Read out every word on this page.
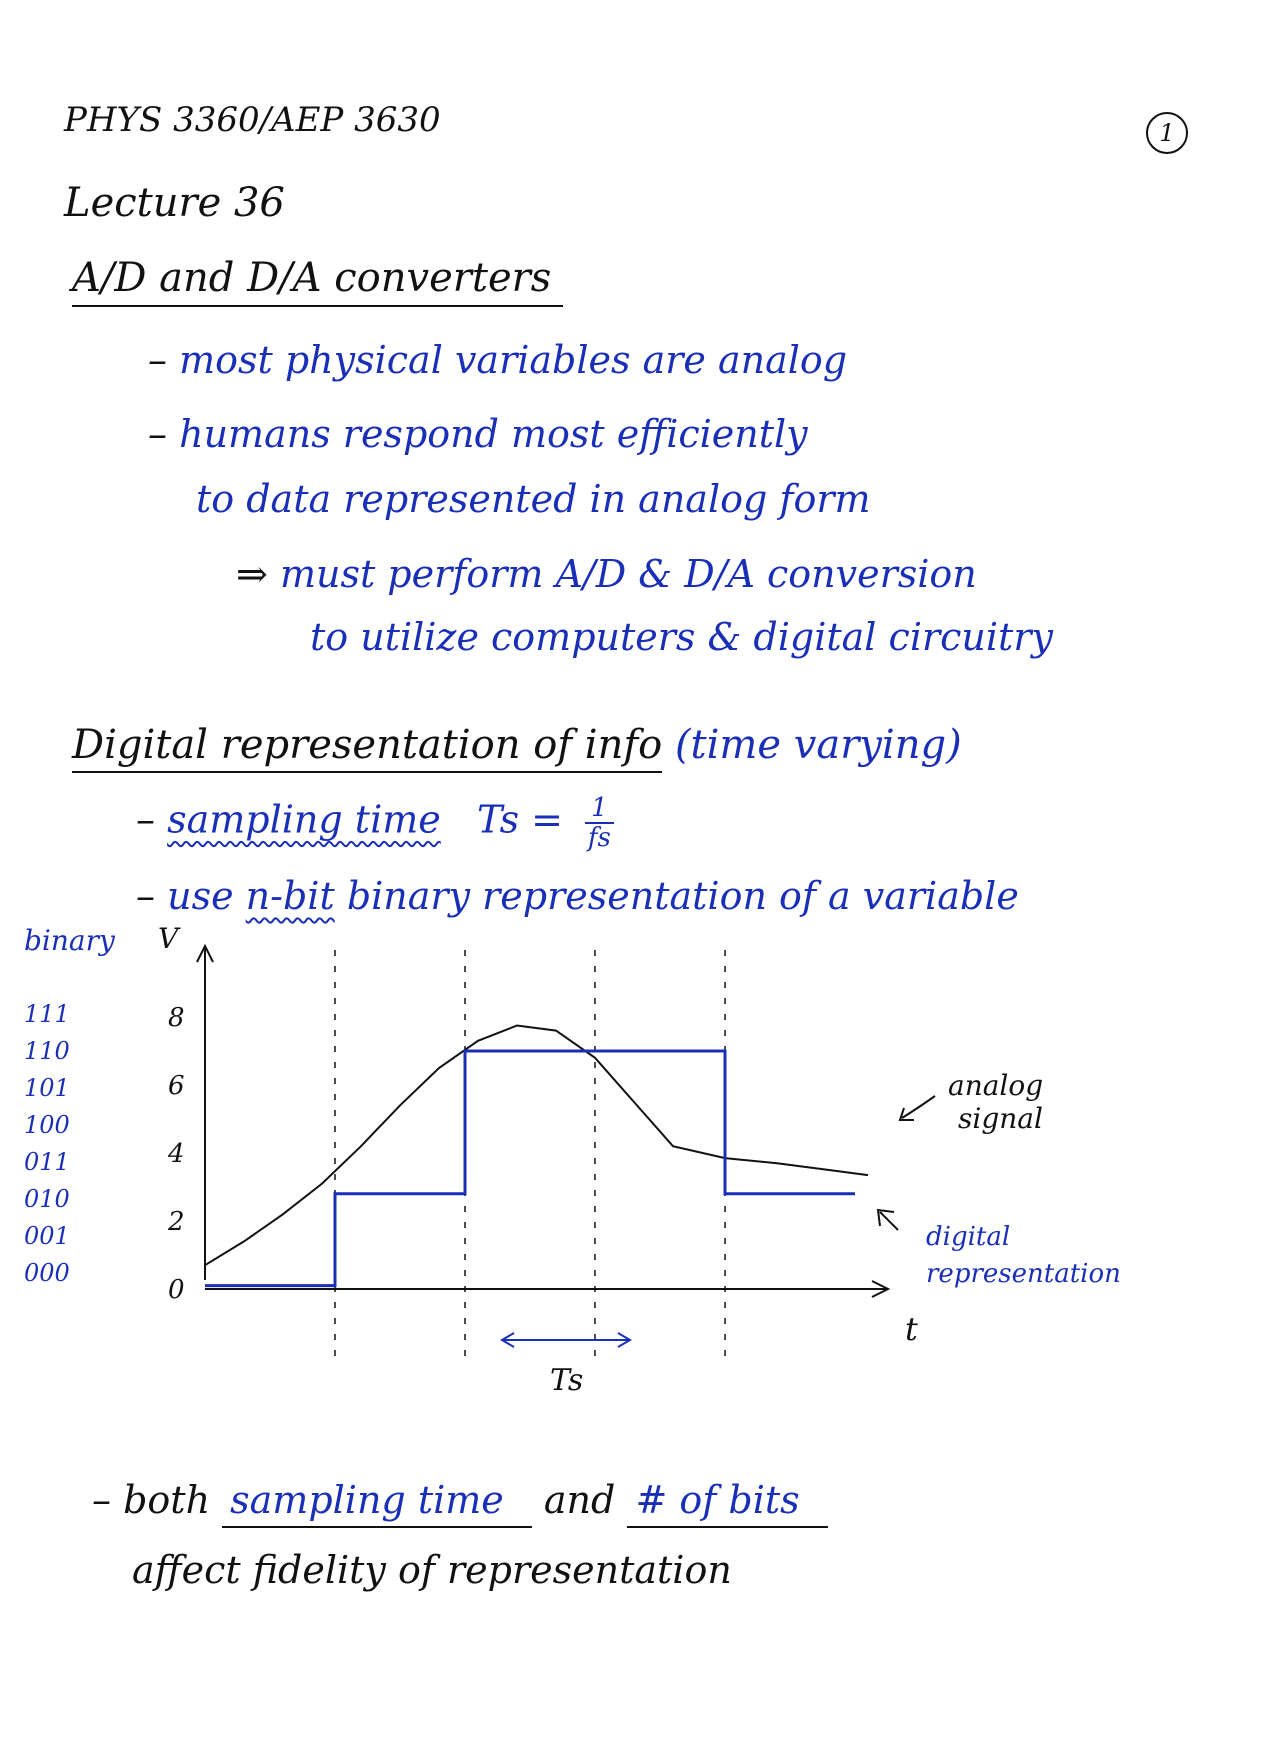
PHYS 3360/AEP 3630	1
Lecture 36
A/D and D/A converters
– most physical variables are analog
– humans respond most efficiently
to data represented in analog form
⇒ must perform A/D & D/A conversion
to utilize computers & digital circuitry
Digital representation of info (time varying)
– sampling time $Ts = \frac{1}{fs}$
– use n-bit binary representation of a variable
binary V
t
111
110
101
100
011
010
001
000
8
6
4
2
0
Ts
analog
signal
digital
representation
– both sampling time and # of bits
affect fidelity of representation
